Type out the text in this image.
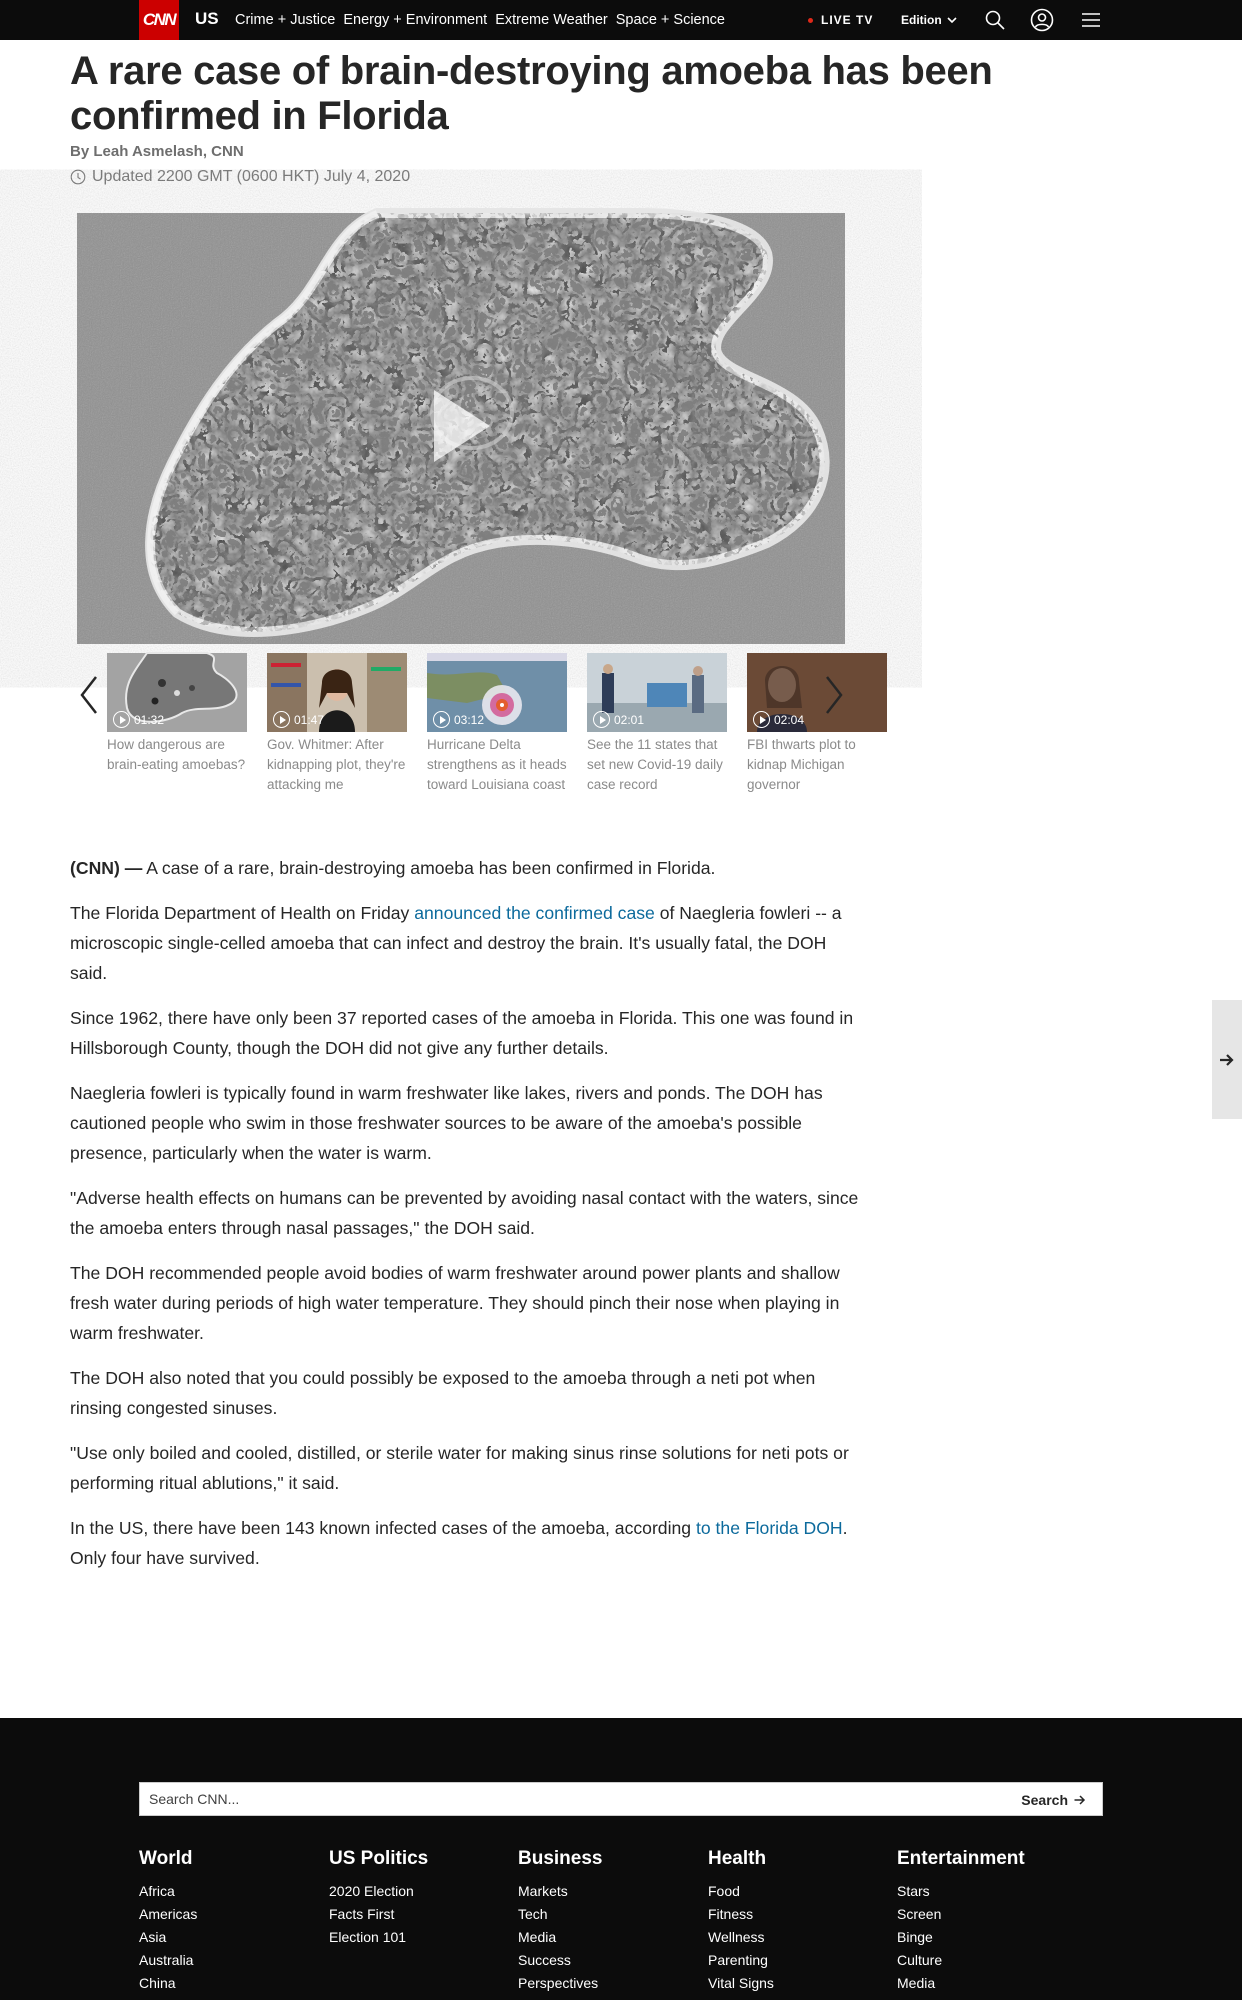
CNN US Crime + Justice Energy + Environment Extreme Weather Space + Science	LIVE TV Edition
A rare case of brain-destroying amoeba has been confirmed in Florida
By Leah Asmelash, CNN
Updated 2200 GMT (0600 HKT) July 4, 2020
01:32
How dangerous are brain-eating amoebas?
01:47
Gov. Whitmer: After kidnapping plot, they're attacking me
03:12
Hurricane Delta strengthens as it heads toward Louisiana coast
02:01
See the 11 states that set new Covid-19 daily case record
02:04
FBI thwarts plot to kidnap Michigan governor

(CNN) — A case of a rare, brain-destroying amoeba has been confirmed in Florida.

The Florida Department of Health on Friday announced the confirmed case of Naegleria fowleri -- a microscopic single-celled amoeba that can infect and destroy the brain. It's usually fatal, the DOH said.

Since 1962, there have only been 37 reported cases of the amoeba in Florida. This one was found in Hillsborough County, though the DOH did not give any further details.

Naegleria fowleri is typically found in warm freshwater like lakes, rivers and ponds. The DOH has cautioned people who swim in those freshwater sources to be aware of the amoeba's possible presence, particularly when the water is warm.

"Adverse health effects on humans can be prevented by avoiding nasal contact with the waters, since the amoeba enters through nasal passages," the DOH said.

The DOH recommended people avoid bodies of warm freshwater around power plants and shallow fresh water during periods of high water temperature. They should pinch their nose when playing in warm freshwater.

The DOH also noted that you could possibly be exposed to the amoeba through a neti pot when rinsing congested sinuses.

"Use only boiled and cooled, distilled, or sterile water for making sinus rinse solutions for neti pots or performing ritual ablutions," it said.

In the US, there have been 143 known infected cases of the amoeba, according to the Florida DOH. Only four have survived.

Search CNN...
Search
World
Africa
Americas
Asia
Australia
China
US Politics
2020 Election
Facts First
Election 101
Business
Markets
Tech
Media
Success
Perspectives
Health
Food
Fitness
Wellness
Parenting
Vital Signs
Entertainment
Stars
Screen
Binge
Culture
Media
